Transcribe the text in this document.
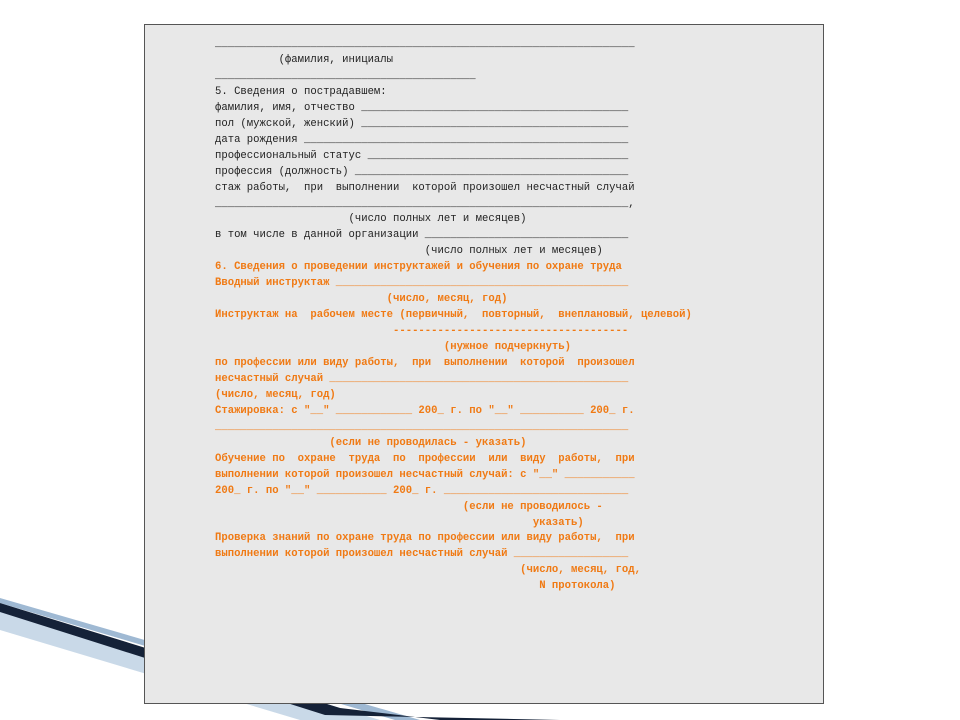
__________________________________________________________________
(фамилия, инициалы
_________________________________________
5. Сведения о пострадавшем:
фамилия, имя, отчество __________________________________________
пол (мужской, женский) __________________________________________
дата рождения ___________________________________________________
профессиональный статус _________________________________________
профессия (должность) ___________________________________________
стаж работы,  при  выполнении  которой произошел несчастный случай
_________________________________________________________________,
(число полных лет и месяцев)
в том числе в данной организации ________________________________
(число полных лет и месяцев)
6. Сведения о проведении инструктажей и обучения по охране труда
Вводный инструктаж ______________________________________________
(число, месяц, год)
Инструктаж на  рабочем месте (первичный,  повторный,  внеплановый, целевой)
-------------------------------------
(нужное подчеркнуть)
по профессии или виду работы,  при  выполнении  которой  произошел
несчастный случай _______________________________________________
(число, месяц, год)
Стажировка: с "__" ____________ 200_ г. по "__" __________ 200_ г.
_________________________________________________________________
(если не проводилась - указать)
Обучение по  охране  труда  по  профессии  или  виду  работы,  при
выполнении которой произошел несчастный случай: с "__" ___________
200_ г. по "__" ___________ 200_ г. _____________________________
(если не проводилось -
указать)
Проверка знаний по охране труда по профессии или виду работы,  при
выполнении которой произошел несчастный случай __________________
(число, месяц, год,
N протокола)
